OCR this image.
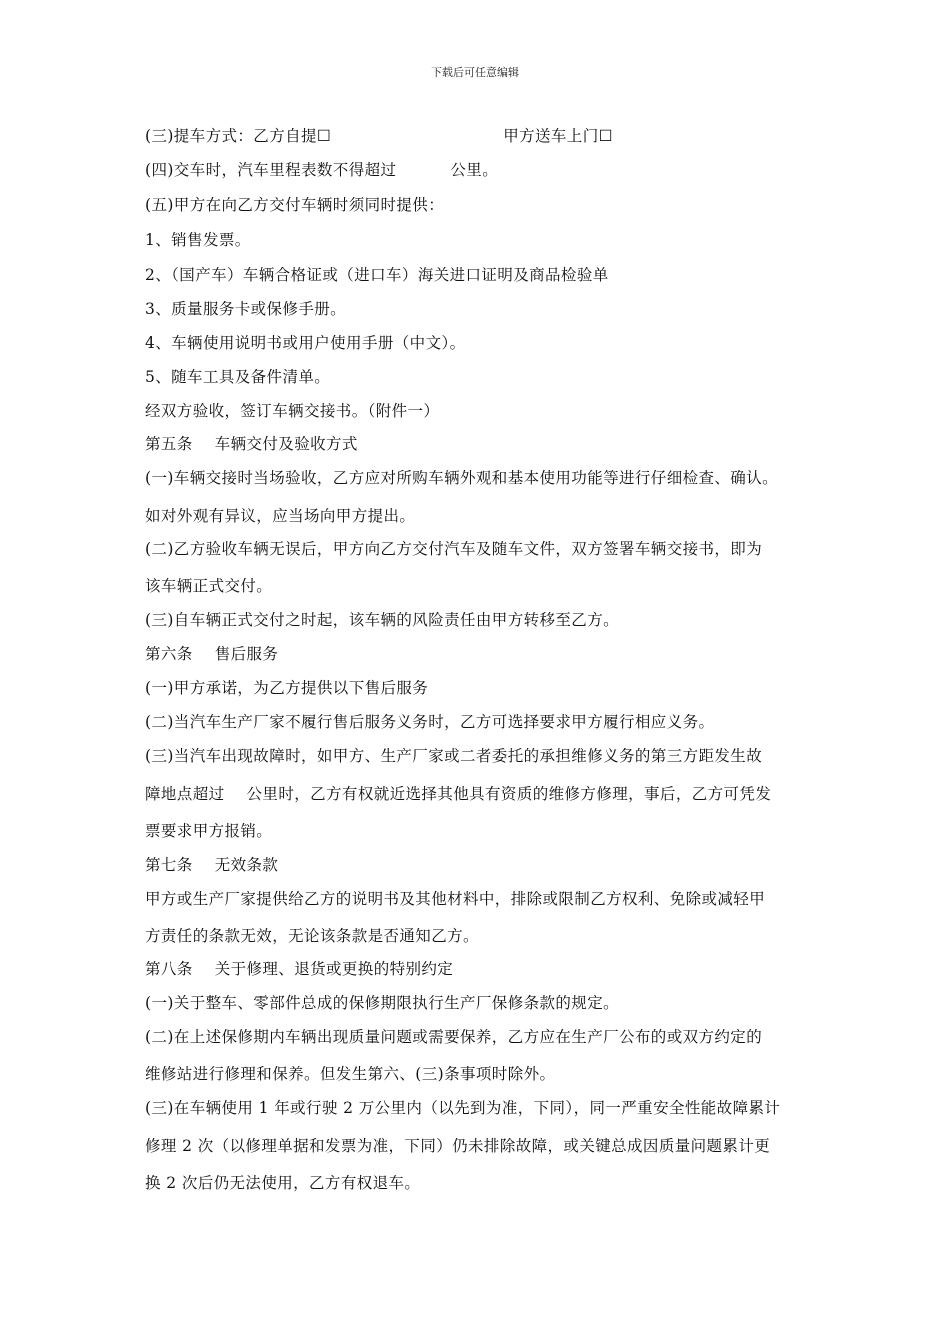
下载后可任意编辑
(三)提车方式：乙方自提☐	甲方送车上门☐
(四)交车时，汽车里程表数不得超过	公里。
(五)甲方在向乙方交付车辆时须同时提供：
1、销售发票。
2、（国产车）车辆合格证或（进口车）海关进口证明及商品检验单
3、质量服务卡或保修手册。
4、车辆使用说明书或用户使用手册（中文）。
5、随车工具及备件清单。
经双方验收，签订车辆交接书。（附件一）
第五条 车辆交付及验收方式
(一)车辆交接时当场验收，乙方应对所购车辆外观和基本使用功能等进行仔细检查、确认。
如对外观有异议，应当场向甲方提出。
(二)乙方验收车辆无误后，甲方向乙方交付汽车及随车文件，双方签署车辆交接书，即为
该车辆正式交付。
(三)自车辆正式交付之时起，该车辆的风险责任由甲方转移至乙方。
第六条 售后服务
(一)甲方承诺，为乙方提供以下售后服务
(二)当汽车生产厂家不履行售后服务义务时，乙方可选择要求甲方履行相应义务。
(三)当汽车出现故障时，如甲方、生产厂家或二者委托的承担维修义务的第三方距发生故
障地点超过 公里时，乙方有权就近选择其他具有资质的维修方修理，事后，乙方可凭发
票要求甲方报销。
第七条 无效条款
甲方或生产厂家提供给乙方的说明书及其他材料中，排除或限制乙方权利、免除或减轻甲
方责任的条款无效，无论该条款是否通知乙方。
第八条 关于修理、退货或更换的特别约定
(一)关于整车、零部件总成的保修期限执行生产厂保修条款的规定。
(二)在上述保修期内车辆出现质量问题或需要保养，乙方应在生产厂公布的或双方约定的
维修站进行修理和保养。但发生第六、(三)条事项时除外。
(三)在车辆使用 1 年或行驶 2 万公里内（以先到为准，下同），同一严重安全性能故障累计
修理 2 次（以修理单据和发票为准，下同）仍未排除故障，或关键总成因质量问题累计更
换 2 次后仍无法使用，乙方有权退车。
